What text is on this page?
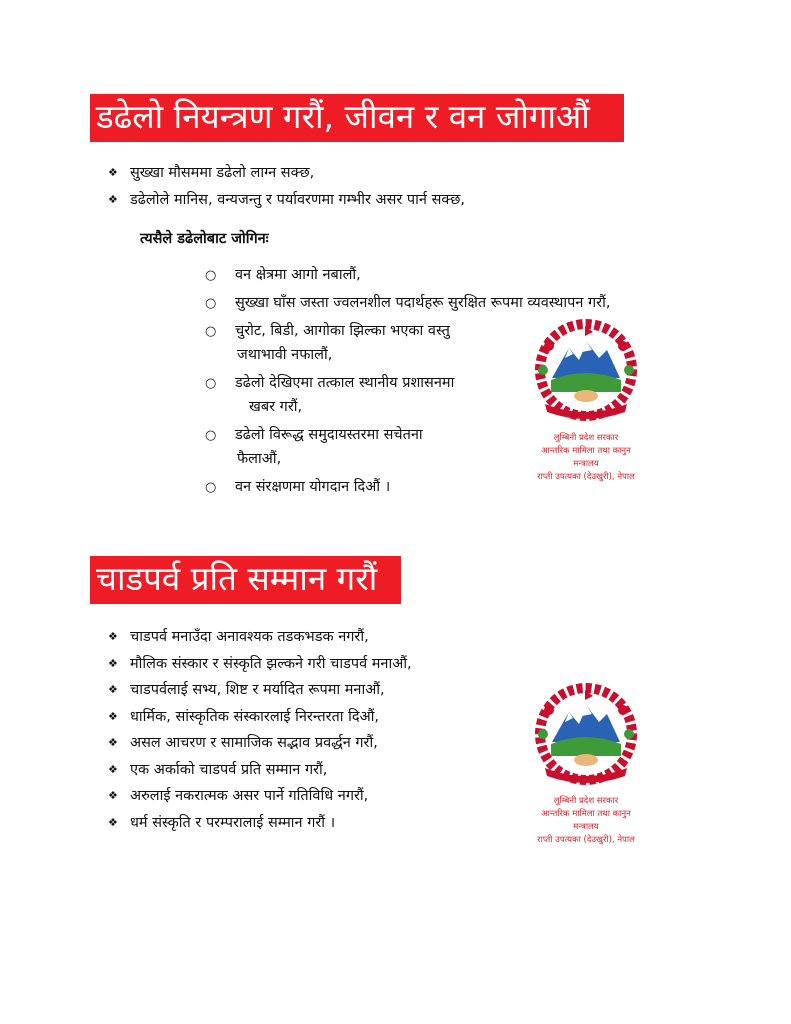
डढेलो नियन्त्रण गरौं, जीवन र वन जोगाऔं
❖ सुख्खा मौसममा डढेलो लाग्न सक्छ,
❖ डढेलोले मानिस, वन्यजन्तु र पर्यावरणमा गम्भीर असर पार्न सक्छ,
त्यसैले डढेलोबाट जोगिनः
○ वन क्षेत्रमा आगो नबालौं,
○ सुख्खा घाँस जस्ता ज्वलनशील पदार्थहरू सुरक्षित रूपमा व्यवस्थापन गरौं,
○ चुरोट, बिडी, आगोका झिल्का भएका वस्तु
जथाभावी नफालौं,
○ डढेलो देखिएमा तत्काल स्थानीय प्रशासनमा
खबर गरौं,
○ डढेलो विरूद्ध समुदायस्तरमा सचेतना
फैलाऔं,
○ वन संरक्षणमा योगदान दिऔं ।
लुम्बिनी प्रदेश सरकार
आन्तरिक मामिला तथा कानुन
मन्त्रालय
राप्ती उपत्यका (देउखुरी), नेपाल
चाडपर्व प्रति सम्मान गरौं
❖ चाडपर्व मनाउँदा अनावश्यक तडकभडक नगरौं,
❖ मौलिक संस्कार र संस्कृति झल्कने गरी चाडपर्व मनाऔं,
❖ चाडपर्वलाई सभ्य, शिष्ट र मर्यादित रूपमा मनाऔं,
❖ धार्मिक, सांस्कृतिक संस्कारलाई निरन्तरता दिऔं,
❖ असल आचरण र सामाजिक सद्भाव प्रवर्द्धन गरौं,
❖ एक अर्काको चाडपर्व प्रति सम्मान गरौं,
❖ अरुलाई नकरात्मक असर पार्ने गतिविधि नगरौं,
❖ धर्म संस्कृति र परम्परालाई सम्मान गरौं ।
लुम्बिनी प्रदेश सरकार
आन्तरिक मामिला तथा कानुन
मन्त्रालय
राप्ती उपत्यका (देउखुरी), नेपाल
